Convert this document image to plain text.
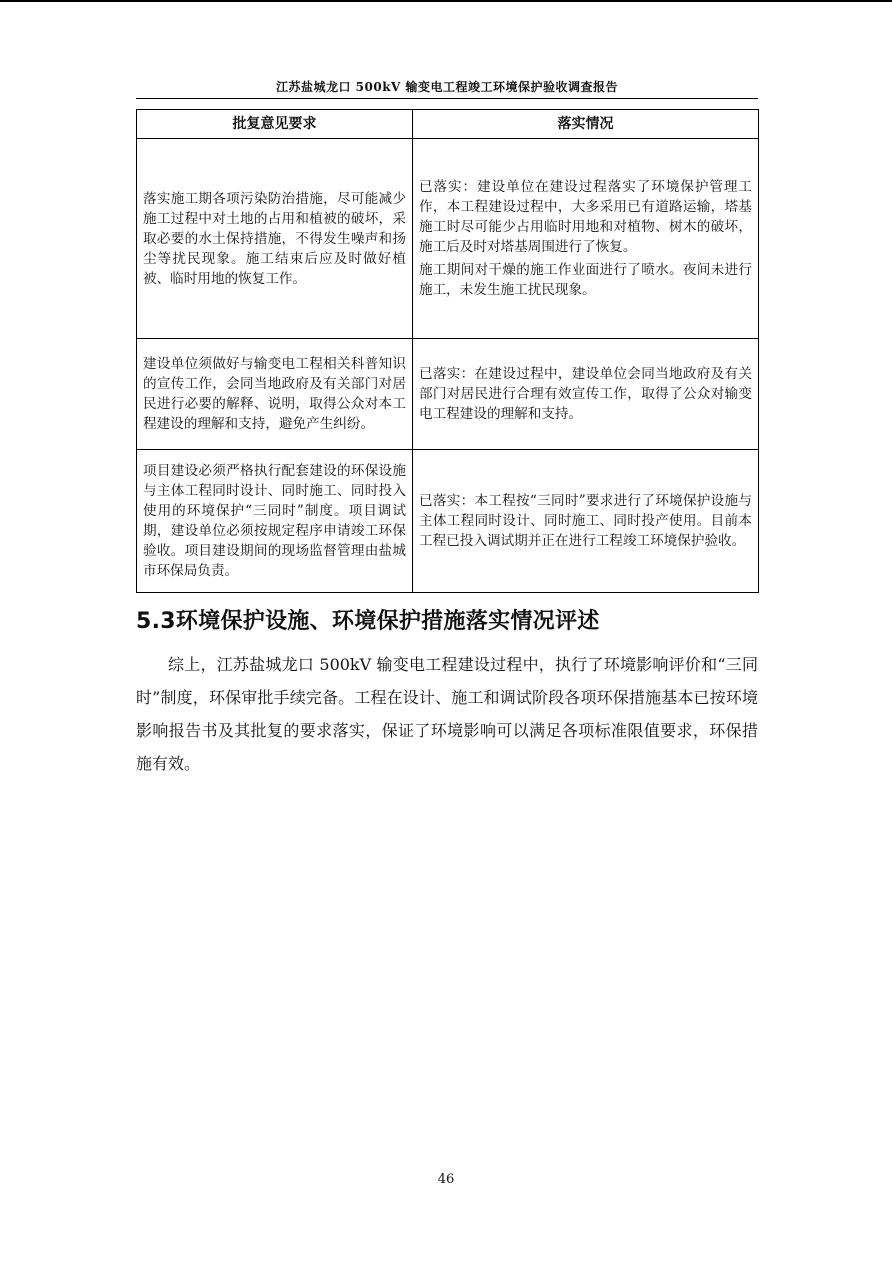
江苏盐城龙口 500kV 输变电工程竣工环境保护验收调查报告
批复意见要求	落实情况

落实施工期各项污染防治措施，尽可能减少施工过程中对土地的占用和植被的破坏，采取必要的水土保持措施，不得发生噪声和扬尘等扰民现象。施工结束后应及时做好植被、临时用地的恢复工作。	已落实：建设单位在建设过程落实了环境保护管理工作，本工程建设过程中，大多采用已有道路运输，塔基施工时尽可能少占用临时用地和对植物、树木的破坏，施工后及时对塔基周围进行了恢复。

施工期间对干燥的施工作业面进行了喷水。夜间未进行施工，未发生施工扰民现象。

建设单位须做好与输变电工程相关科普知识的宣传工作，会同当地政府及有关部门对居民进行必要的解释、说明，取得公众对本工程建设的理解和支持，避免产生纠纷。	已落实：在建设过程中，建设单位会同当地政府及有关部门对居民进行合理有效宣传工作，取得了公众对输变电工程建设的理解和支持。

项目建设必须严格执行配套建设的环保设施与主体工程同时设计、同时施工、同时投入使用的环境保护“三同时”制度。项目调试期，建设单位必须按规定程序申请竣工环保验收。项目建设期间的现场监督管理由盐城市环保局负责。	已落实：本工程按“三同时”要求进行了环境保护设施与主体工程同时设计、同时施工、同时投产使用。目前本工程已投入调试期并正在进行工程竣工环境保护验收。

5.3环境保护设施、环境保护措施落实情况评述

综上，江苏盐城龙口 500kV 输变电工程建设过程中，执行了环境影响评价和“三同时”制度，环保审批手续完备。工程在设计、施工和调试阶段各项环保措施基本已按环境影响报告书及其批复的要求落实，保证了环境影响可以满足各项标准限值要求，环保措施有效。

46
